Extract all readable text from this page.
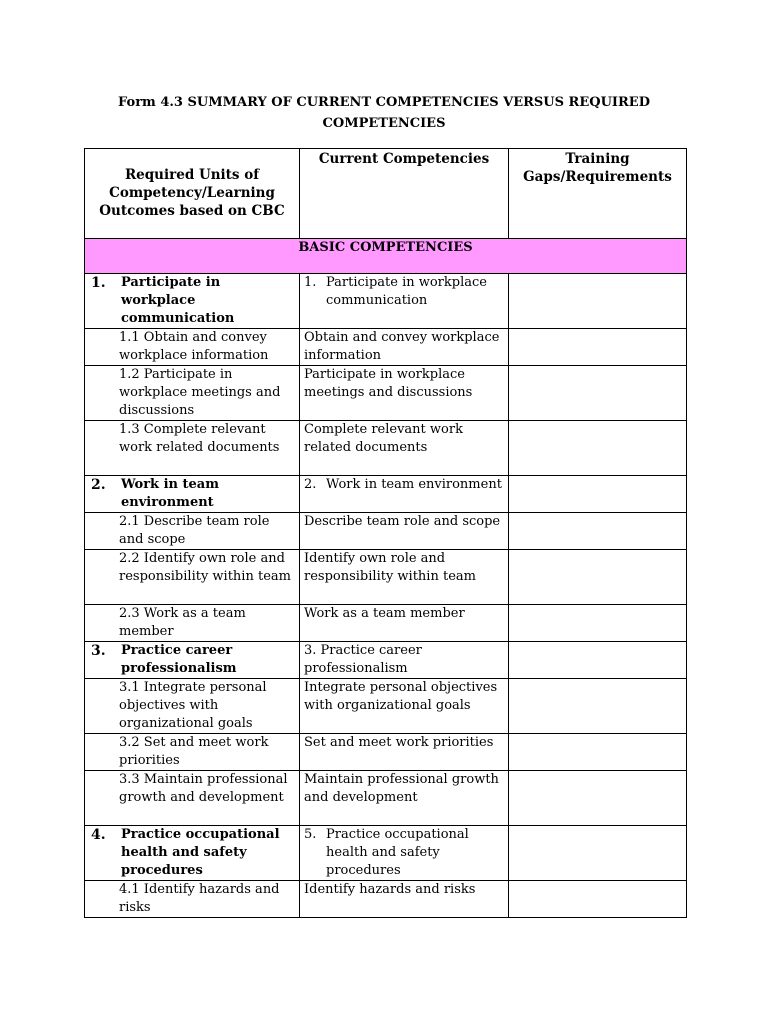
Form 4.3 SUMMARY OF CURRENT COMPETENCIES VERSUS REQUIRED COMPETENCIES
Required Units of Competency/Learning Outcomes based on CBC	Current Competencies	Training Gaps/Requirements
BASIC COMPETENCIES		
1. Participate in workplace communication	1. Participate in workplace communication	

1.1 Obtain and convey workplace information	Obtain and convey workplace information	
1.2 Participate in workplace meetings and discussions	Participate in workplace meetings and discussions	
1.3 Complete relevant work related documents	Complete relevant work related documents	
2. Work in team environment	2. Work in team environment	

2.1 Describe team role and scope	Describe team role and scope	
2.2 Identify own role and responsibility within team	Identify own role and responsibility within team	
2.3 Work as a team member	Work as a team member	
3. Practice career professionalism	3. Practice career professionalism	
3.1 Integrate personal objectives with organizational goals	Integrate personal objectives with organizational goals	
3.2 Set and meet work priorities	Set and meet work priorities	
3.3 Maintain professional growth and development	Maintain professional growth and development	
4. Practice occupational health and safety procedures	5. Practice occupational health and safety procedures	

4.1 Identify hazards and risks	Identify hazards and risks	
